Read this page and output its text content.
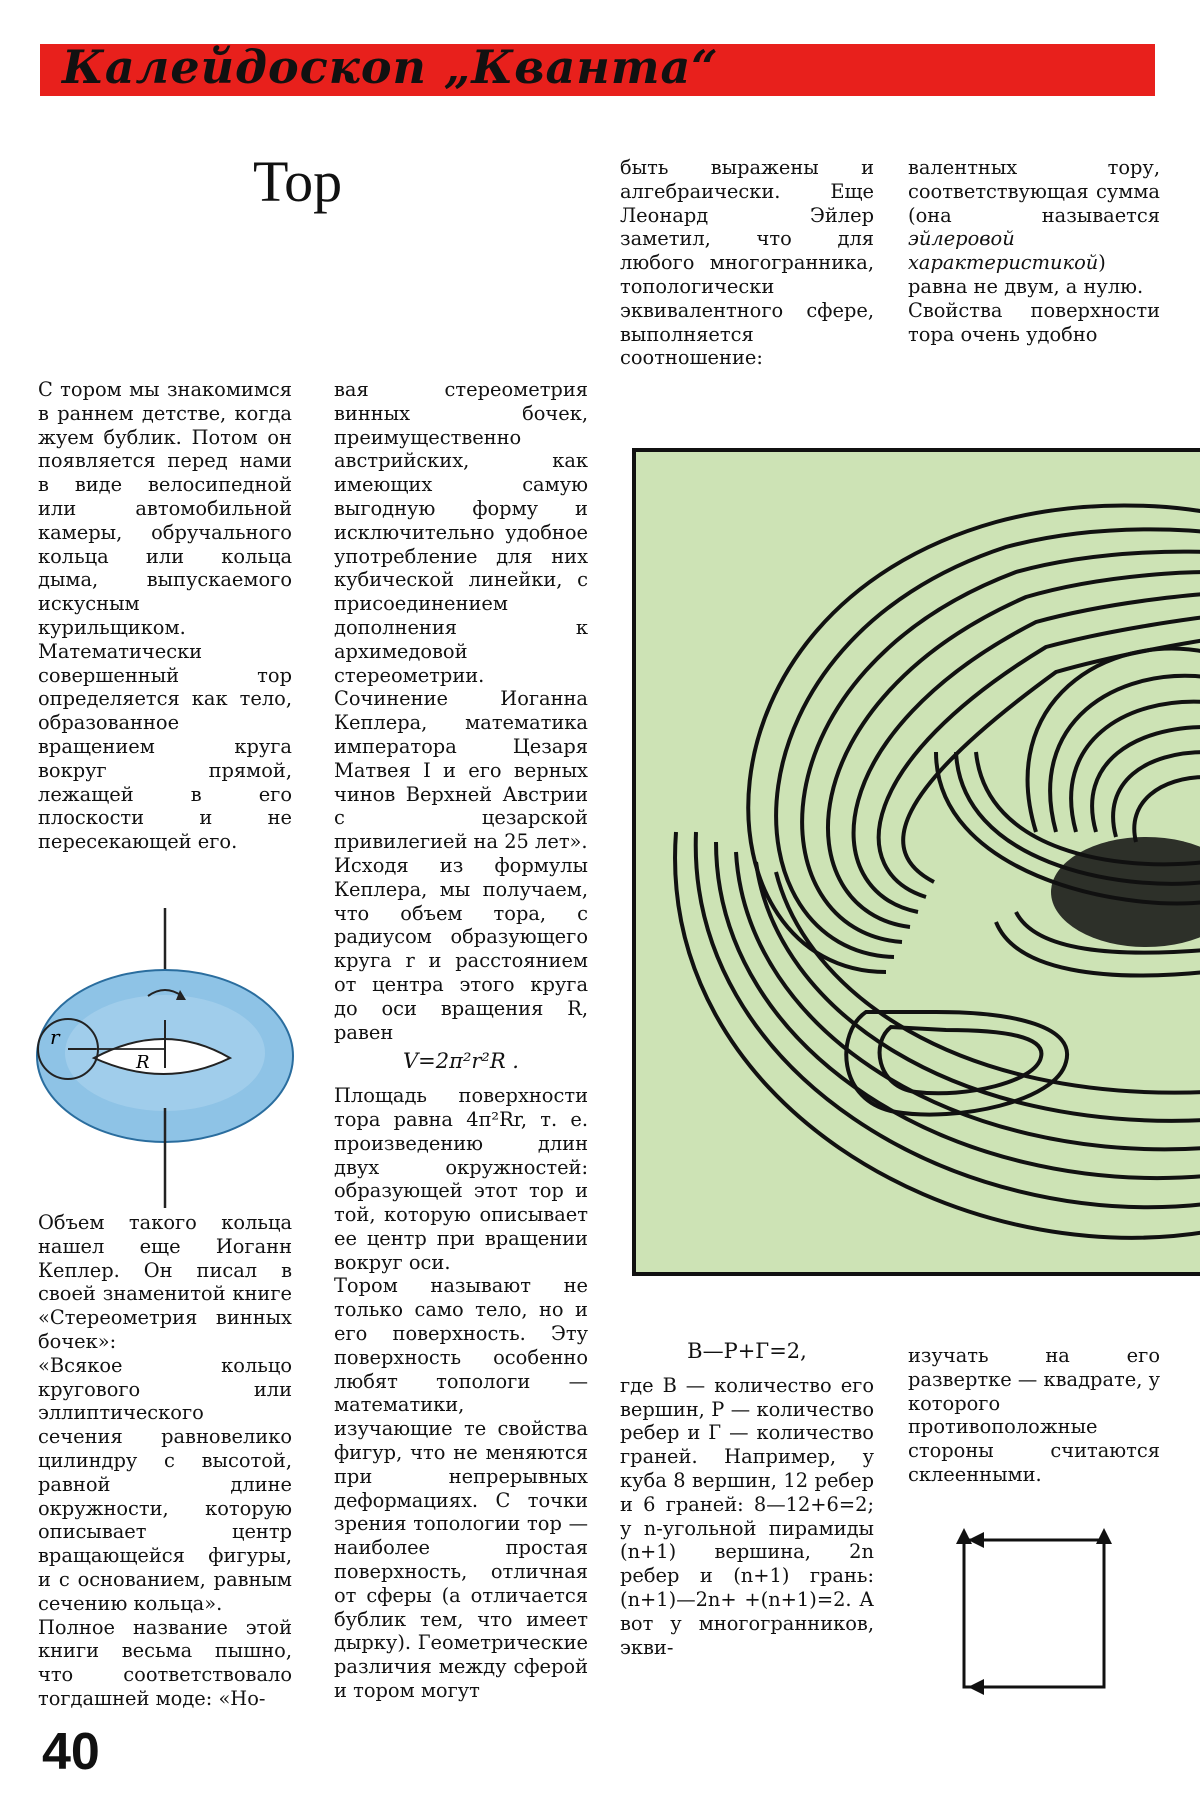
Калейдоскоп „Кванта“
Тор

С тором мы знакомимся в раннем детстве, когда жуем бублик. Потом он появляется перед нами в виде велосипедной или автомобильной камеры, обручального кольца или кольца дыма, выпускаемого искусным курильщиком.

Математически совершенный тор определяется как тело, образованное вращением круга вокруг прямой, лежащей в его плоскости и не пересекающей его.

r
R

Объем такого кольца нашел еще Иоганн Кеплер. Он писал в своей знаменитой книге «Стереометрия винных бочек»:

«Всякое кольцо кругового или эллиптического сечения равновелико цилиндру с высотой, равной длине окружности, которую описывает центр вращающейся фигуры, и с основанием, равным сечению кольца».

Полное название этой книги весьма пышно, что соответствовало тогдашней моде: «Но-

вая стереометрия винных бочек, преимущественно австрийских, как имеющих самую выгодную форму и исключительно удобное употребление для них кубической линейки, с присоединением дополнения к архимедовой стереометрии. Сочинение Иоганна Кеплера, математика императора Цезаря Матвея I и его верных чинов Верхней Австрии с цезарской привилегией на 25 лет».

Исходя из формулы Кеплера, мы получаем, что объем тора, с радиусом образующего круга r и расстоянием от центра этого круга до оси вращения R, равен

V=2π²r²R .

Площадь поверхности тора равна 4π²Rr, т. е. произведению длин двух окружностей: образующей этот тор и той, которую описывает ее центр при вращении вокруг оси.

Тором называют не только само тело, но и его поверхность. Эту поверхность особенно любят топологи — математики, изучающие те свойства фигур, что не меняются при непрерывных деформациях. С точки зрения топологии тор — наиболее простая поверхность, отличная от сферы (а отличается бублик тем, что имеет дырку). Геометрические различия между сферой и тором могут

быть выражены и алгебраически. Еще Леонард Эйлер заметил, что для любого многогранника, топологически эквивалентного сфере, выполняется соотношение:

валентных тору, соответствующая сумма (она называется эйлеровой характеристикой) равна не двум, а нулю.

Свойства поверхности тора очень удобно

В—Р+Г=2,

где В — количество его вершин, Р — количество ребер и Г — количество граней. Например, у куба 8 вершин, 12 ребер и 6 граней: 8—12+6=2; у n-угольной пирамиды (n+1) вершина, 2n ребер и (n+1) грань: (n+1)—2n+ +(n+1)=2. А вот у многогранников, экви-

изучать на его развертке — квадрате, у которого противоположные стороны считаются склеенными.

40
